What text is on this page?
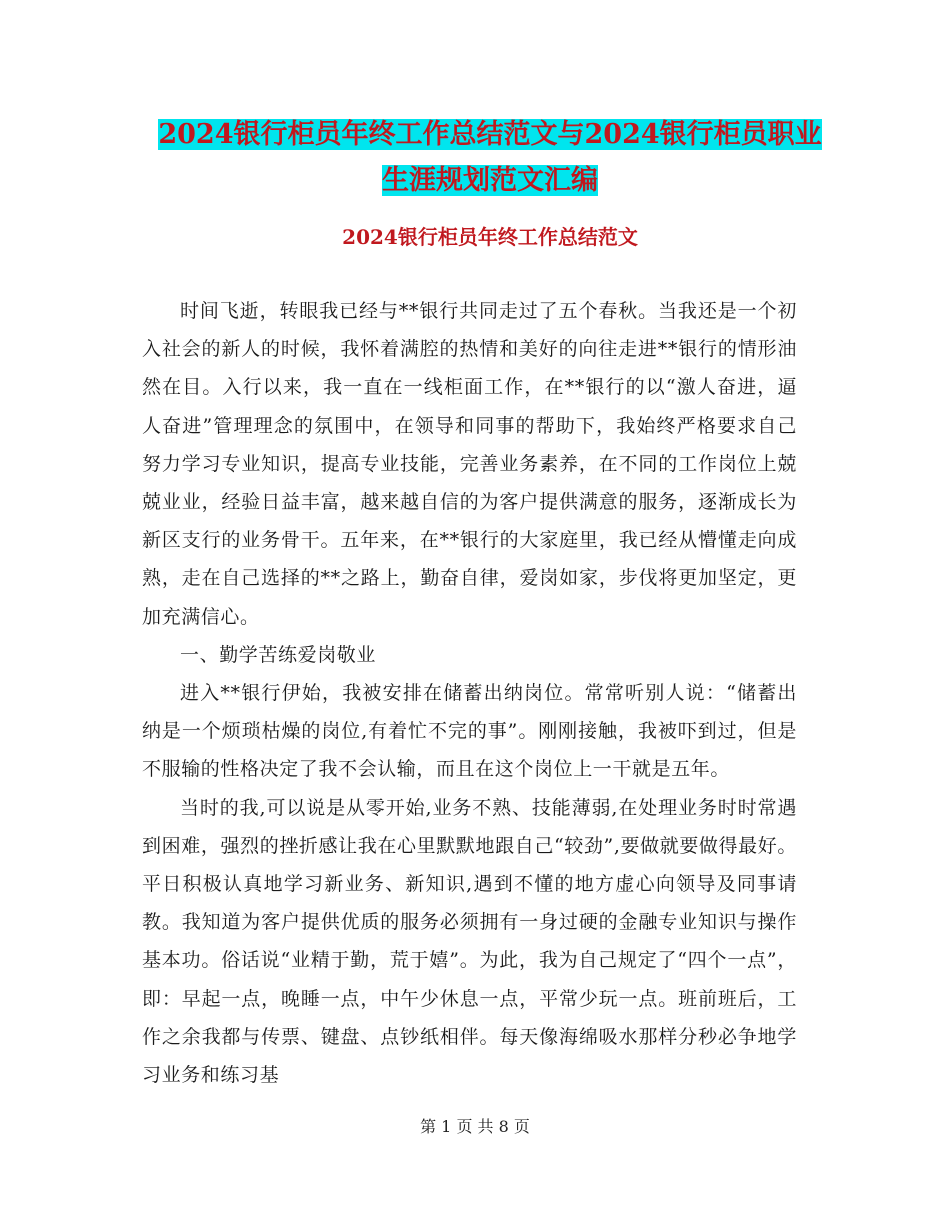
2024银行柜员年终工作总结范文与2024银行柜员职业
生涯规划范文汇编
2024银行柜员年终工作总结范文

时间飞逝，转眼我已经与**银行共同走过了五个春秋。当我还是一个初入社会的新人的时候，我怀着满腔的热情和美好的向往走进**银行的情形油然在目。入行以来，我一直在一线柜面工作，在**银行的以“激人奋进，逼人奋进”管理理念的氛围中，在领导和同事的帮助下，我始终严格要求自己努力学习专业知识，提高专业技能，完善业务素养，在不同的工作岗位上兢兢业业，经验日益丰富，越来越自信的为客户提供满意的服务，逐渐成长为新区支行的业务骨干。五年来，在**银行的大家庭里，我已经从懵懂走向成熟，走在自己选择的**之路上，勤奋自律，爱岗如家，步伐将更加坚定，更加充满信心。

一、勤学苦练爱岗敬业

进入**银行伊始，我被安排在储蓄出纳岗位。常常听别人说：“储蓄出纳是一个烦琐枯燥的岗位,有着忙不完的事”。刚刚接触，我被吓到过，但是不服输的性格决定了我不会认输，而且在这个岗位上一干就是五年。

当时的我,可以说是从零开始,业务不熟、技能薄弱,在处理业务时时常遇到困难，强烈的挫折感让我在心里默默地跟自己“较劲”,要做就要做得最好。平日积极认真地学习新业务、新知识,遇到不懂的地方虚心向领导及同事请教。我知道为客户提供优质的服务必须拥有一身过硬的金融专业知识与操作基本功。俗话说“业精于勤，荒于嬉”。为此，我为自己规定了“四个一点”，即：早起一点，晚睡一点，中午少休息一点，平常少玩一点。班前班后，工作之余我都与传票、键盘、点钞纸相伴。每天像海绵吸水那样分秒必争地学习业务和练习基

第 1 页 共 8 页
